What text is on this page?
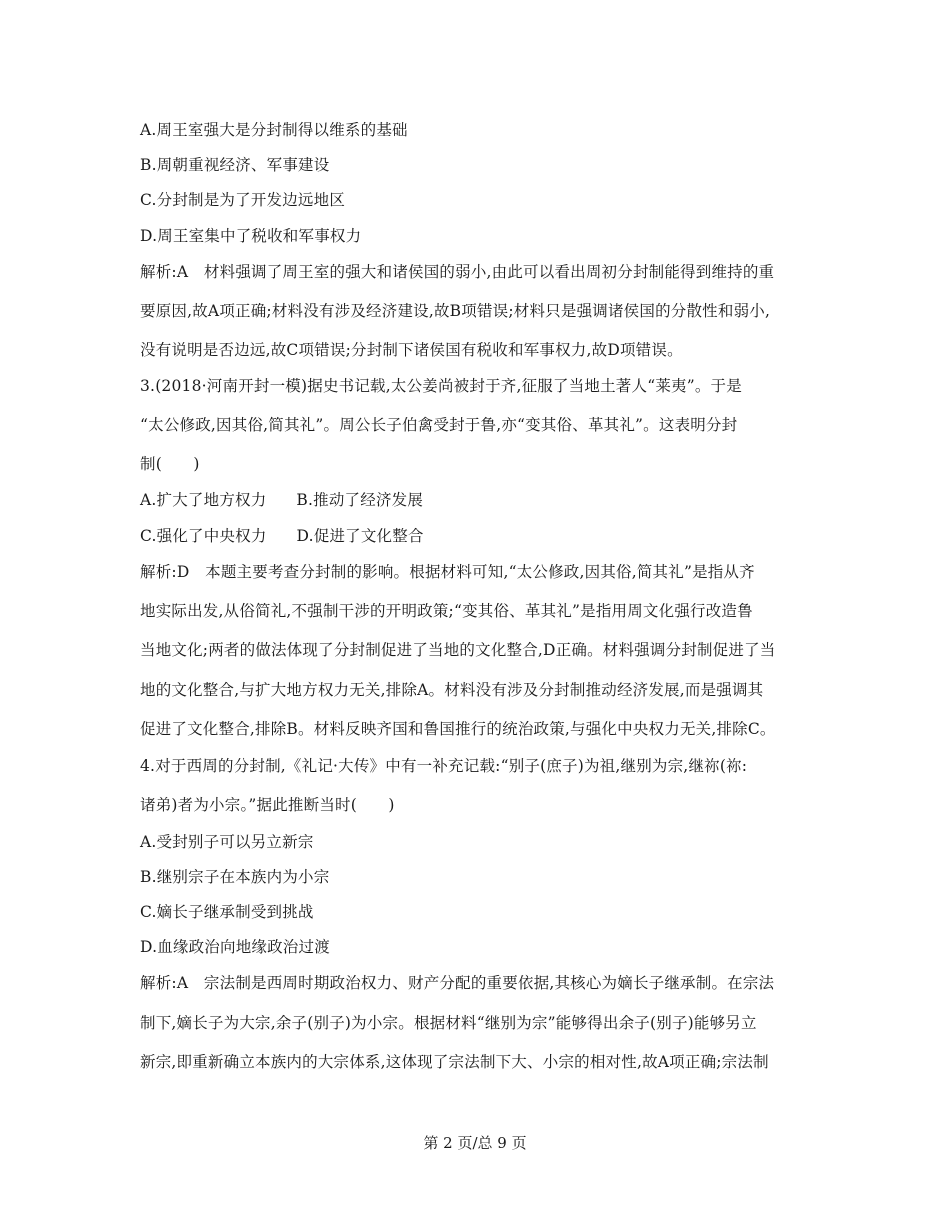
A.周王室强大是分封制得以维系的基础
B.周朝重视经济、军事建设
C.分封制是为了开发边远地区
D.周王室集中了税收和军事权力
解析:A　材料强调了周王室的强大和诸侯国的弱小,由此可以看出周初分封制能得到维持的重
要原因,故A项正确;材料没有涉及经济建设,故B项错误;材料只是强调诸侯国的分散性和弱小,
没有说明是否边远,故C项错误;分封制下诸侯国有税收和军事权力,故D项错误。
3.(2018·河南开封一模)据史书记载,太公姜尚被封于齐,征服了当地土著人“莱夷”。于是
“太公修政,因其俗,简其礼”。周公长子伯禽受封于鲁,亦“变其俗、革其礼”。这表明分封
制(　　)
A.扩大了地方权力 B.推动了经济发展
C.强化了中央权力 D.促进了文化整合
解析:D　本题主要考查分封制的影响。根据材料可知,“太公修政,因其俗,简其礼”是指从齐
地实际出发,从俗简礼,不强制干涉的开明政策;“变其俗、革其礼”是指用周文化强行改造鲁
当地文化;两者的做法体现了分封制促进了当地的文化整合,D正确。材料强调分封制促进了当
地的文化整合,与扩大地方权力无关,排除A。材料没有涉及分封制推动经济发展,而是强调其
促进了文化整合,排除B。材料反映齐国和鲁国推行的统治政策,与强化中央权力无关,排除C。
4.对于西周的分封制,《礼记·大传》中有一补充记载:“别子(庶子)为祖,继别为宗,继祢(祢:
诸弟)者为小宗。”据此推断当时(　　)
A.受封别子可以另立新宗
B.继别宗子在本族内为小宗
C.嫡长子继承制受到挑战
D.血缘政治向地缘政治过渡
解析:A　宗法制是西周时期政治权力、财产分配的重要依据,其核心为嫡长子继承制。在宗法
制下,嫡长子为大宗,余子(别子)为小宗。根据材料“继别为宗”能够得出余子(别子)能够另立
新宗,即重新确立本族内的大宗体系,这体现了宗法制下大、小宗的相对性,故A项正确;宗法制
第 2 页/总 9 页
